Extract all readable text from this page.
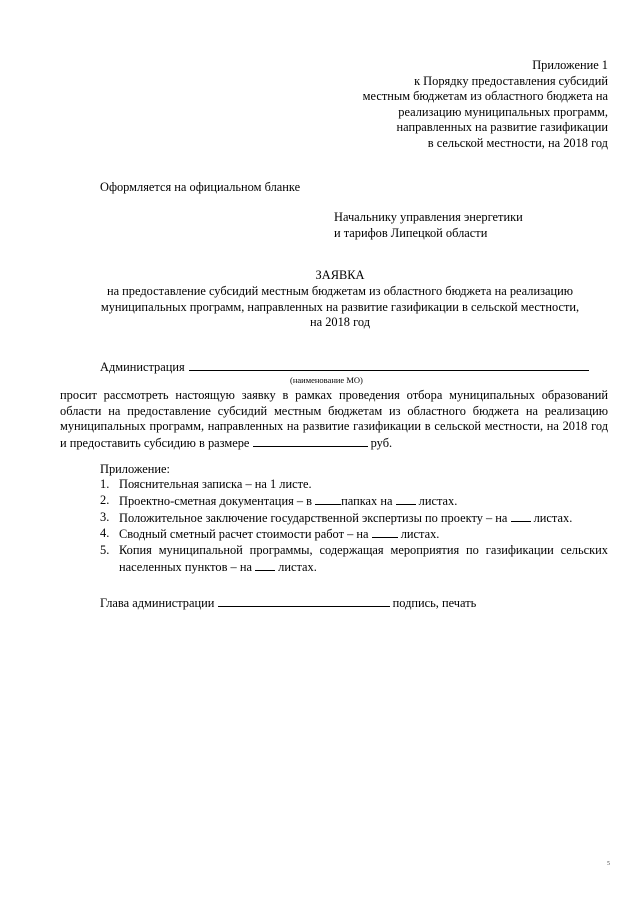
Приложение 1
к Порядку предоставления субсидий
местным бюджетам из областного бюджета на
реализацию муниципальных программ,
направленных на развитие газификации
в сельской местности, на 2018 год
Оформляется на официальном бланке
Начальнику управления энергетики
и тарифов Липецкой области
ЗАЯВКА
на предоставление субсидий местным бюджетам из областного бюджета на реализацию
муниципальных программ, направленных на развитие газификации в сельской местности,
на 2018 год
Администрация
(наименование МО)

просит рассмотреть настоящую заявку в рамках проведения отбора муниципальных образований области на предоставление субсидий местным бюджетам из областного бюджета на реализацию муниципальных программ, направленных на развитие газификации в сельской местности, на 2018 год и предоставить субсидию в размере	руб.

Приложение:
1. Пояснительная записка – на 1 листе.
2. Проектно-сметная документация – в папках на  листах.
3. Положительное заключение государственной экспертизы по проекту – на  листах.
4. Сводный сметный расчет стоимости работ – на  листах.
5. Копия муниципальной программы, содержащая мероприятия по газификации сельских населенных пунктов – на  листах.
Глава администрации	подпись, печать
5
